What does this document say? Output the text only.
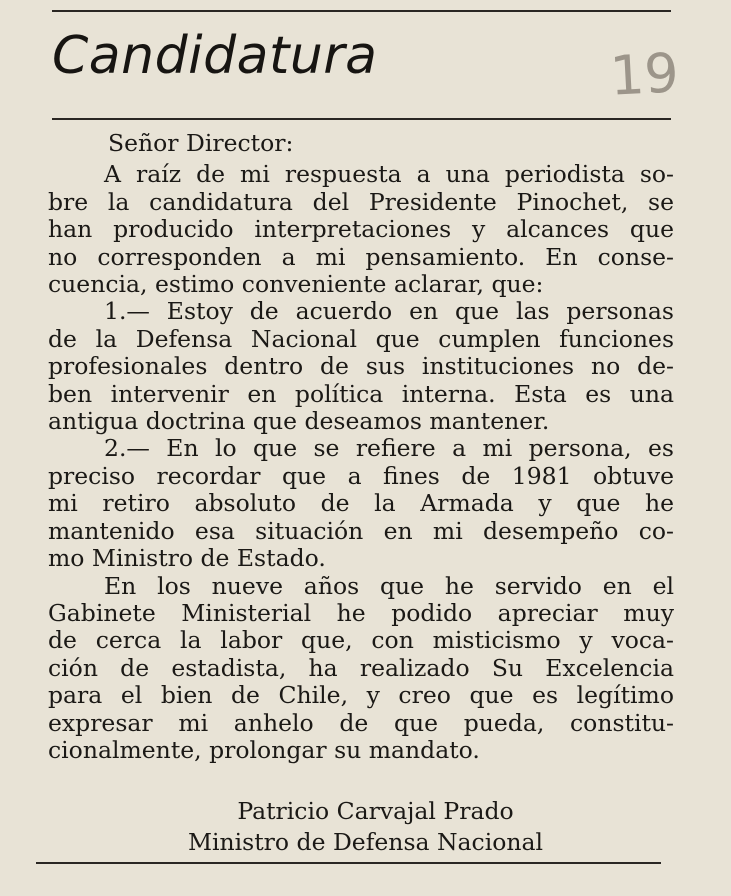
Candidatura	19

Señor Director:

A raíz de mi respuesta a una periodista so-
bre la candidatura del Presidente Pinochet, se
han producido interpretaciones y alcances que
no corresponden a mi pensamiento. En conse-
cuencia, estimo conveniente aclarar, que:

1.— Estoy de acuerdo en que las personas
de la Defensa Nacional que cumplen funciones
profesionales dentro de sus instituciones no de-
ben intervenir en política interna. Esta es una
antigua doctrina que deseamos mantener.

2.— En lo que se refiere a mi persona, es
preciso recordar que a fines de 1981 obtuve
mi retiro absoluto de la Armada y que he
mantenido esa situación en mi desempeño co-
mo Ministro de Estado.

En los nueve años que he servido en el
Gabinete Ministerial he podido apreciar muy
de cerca la labor que, con misticismo y voca-
ción de estadista, ha realizado Su Excelencia
para el bien de Chile, y creo que es legítimo
expresar mi anhelo de que pueda, constitu-
cionalmente, prolongar su mandato.

Patricio Carvajal Prado
Ministro de Defensa Nacional
